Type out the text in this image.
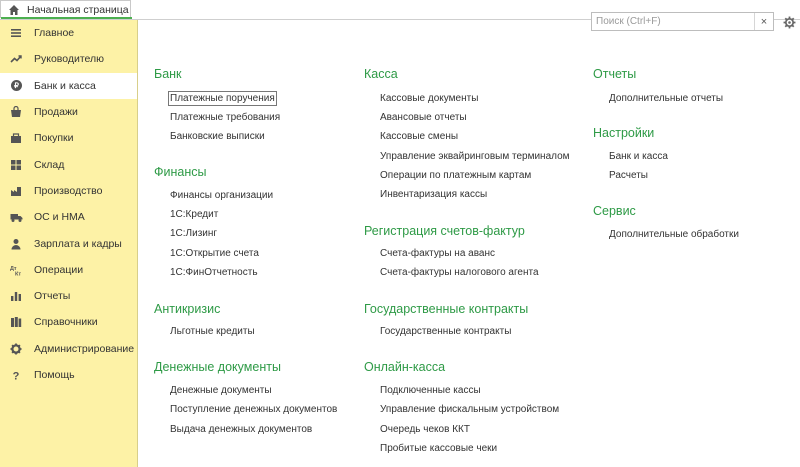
Начальная страница
Главное
Руководителю
₽ Банк и касса
Продажи
Покупки
Склад
Производство
ОС и НМА
Зарплата и кадры
Дт
Кт Операции
Отчеты
Справочники
Администрирование
? Помощь
Поиск (Ctrl+F)
×
Банк
Платежные поручения
Платежные требования
Банковские выписки
Финансы
Финансы организации
1С:Кредит
1С:Лизинг
1С:Открытие счета
1С:ФинОтчетность
Антикризис
Льготные кредиты
Денежные документы
Денежные документы
Поступление денежных документов
Выдача денежных документов
Касса
Кассовые документы
Авансовые отчеты
Кассовые смены
Управление эквайринговым терминалом
Операции по платежным картам
Инвентаризация кассы
Регистрация счетов-фактур
Счета-фактуры на аванс
Счета-фактуры налогового агента
Государственные контракты
Государственные контракты
Онлайн-касса
Подключенные кассы
Управление фискальным устройством
Очередь чеков ККТ
Пробитые кассовые чеки
Отчеты
Дополнительные отчеты
Настройки
Банк и касса
Расчеты
Сервис
Дополнительные обработки
